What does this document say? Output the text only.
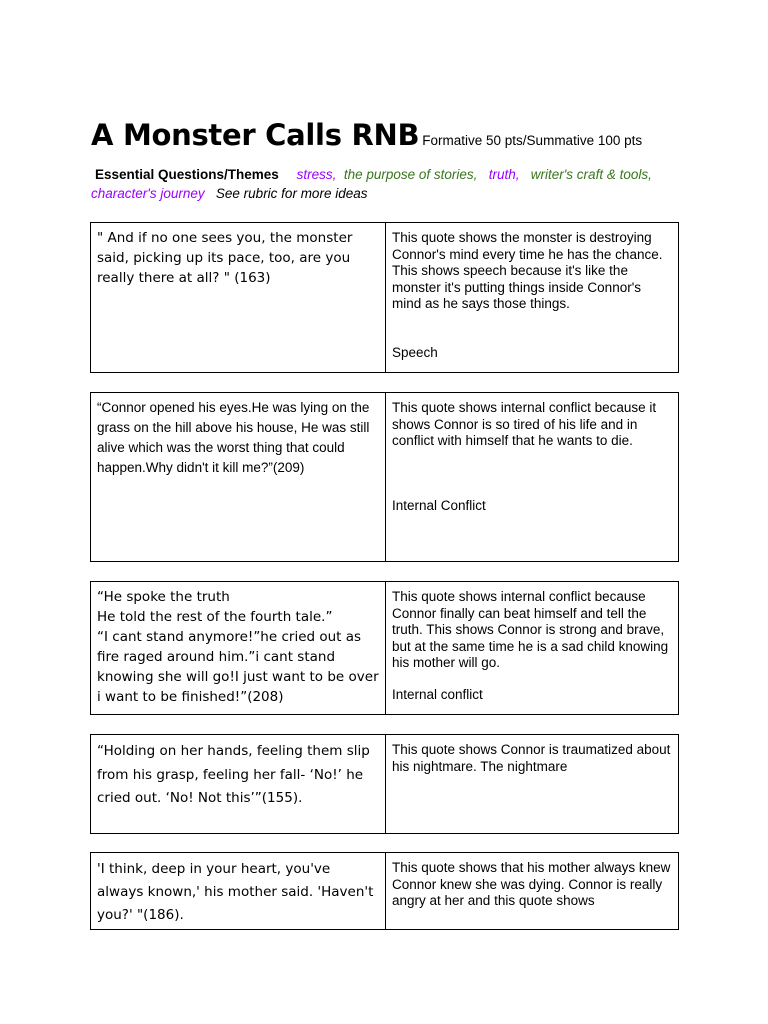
A Monster Calls RNB Formative 50 pts/Summative 100 pts
Essential Questions/Themes stress, the purpose of stories, truth, writer's craft & tools, character's journey See rubric for more ideas

" And if no one sees you, the monster said, picking up its pace, too, are you really there at all? " (163)

This quote shows the monster is destroying Connor's mind every time he has the chance. This shows speech because it's like the monster it's putting things inside Connor's mind as he says those things.

Speech

“Connor opened his eyes.He was lying on the grass on the hill above his house, He was still alive which was the worst thing that could happen.Why didn't it kill me?”(209)

This quote shows internal conflict because it shows Connor is so tired of his life and in conflict with himself that he wants to die.

Internal Conflict

“He spoke the truth

He told the rest of the fourth tale.”

“I cant stand anymore!”he cried out as fire raged around him.”i cant stand knowing she will go!I just want to be over i want to be finished!”(208)

This quote shows internal conflict because Connor finally can beat himself and tell the truth. This shows Connor is strong and brave, but at the same time he is a sad child knowing his mother will go.

Internal conflict

“Holding on her hands, feeling them slip from his grasp, feeling her fall- ‘No!’ he cried out. ‘No! Not this’”(155).

This quote shows Connor is traumatized about his nightmare. The nightmare

'I think, deep in your heart, you've always known,' his mother said. 'Haven't you?' "(186).

This quote shows that his mother always knew Connor knew she was dying. Connor is really angry at her and this quote shows
